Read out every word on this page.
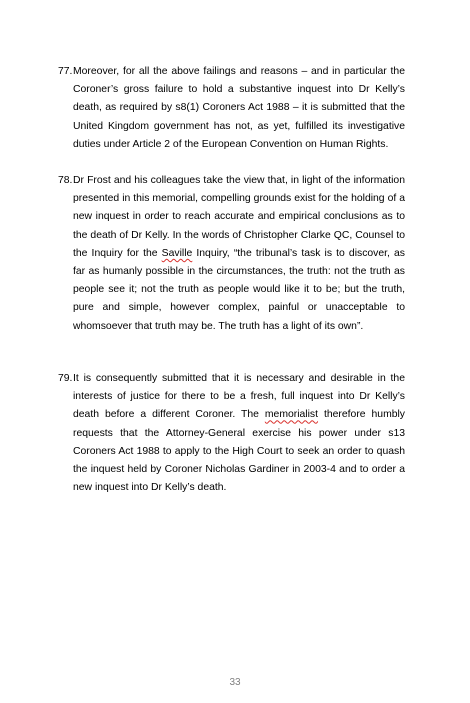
77. Moreover, for all the above failings and reasons – and in particular the Coroner’s gross failure to hold a substantive inquest into Dr Kelly’s death, as required by s8(1) Coroners Act 1988 – it is submitted that the United Kingdom government has not, as yet, fulfilled its investigative duties under Article 2 of the European Convention on Human Rights.
78. Dr Frost and his colleagues take the view that, in light of the information presented in this memorial, compelling grounds exist for the holding of a new inquest in order to reach accurate and empirical conclusions as to the death of Dr Kelly. In the words of Christopher Clarke QC, Counsel to the Inquiry for the Saville Inquiry, “the tribunal’s task is to discover, as far as humanly possible in the circumstances, the truth: not the truth as people see it; not the truth as people would like it to be; but the truth, pure and simple, however complex, painful or unacceptable to whomsoever that truth may be. The truth has a light of its own”.
79. It is consequently submitted that it is necessary and desirable in the interests of justice for there to be a fresh, full inquest into Dr Kelly’s death before a different Coroner. The memorialist therefore humbly requests that the Attorney-General exercise his power under s13 Coroners Act 1988 to apply to the High Court to seek an order to quash the inquest held by Coroner Nicholas Gardiner in 2003-4 and to order a new inquest into Dr Kelly’s death.
33
